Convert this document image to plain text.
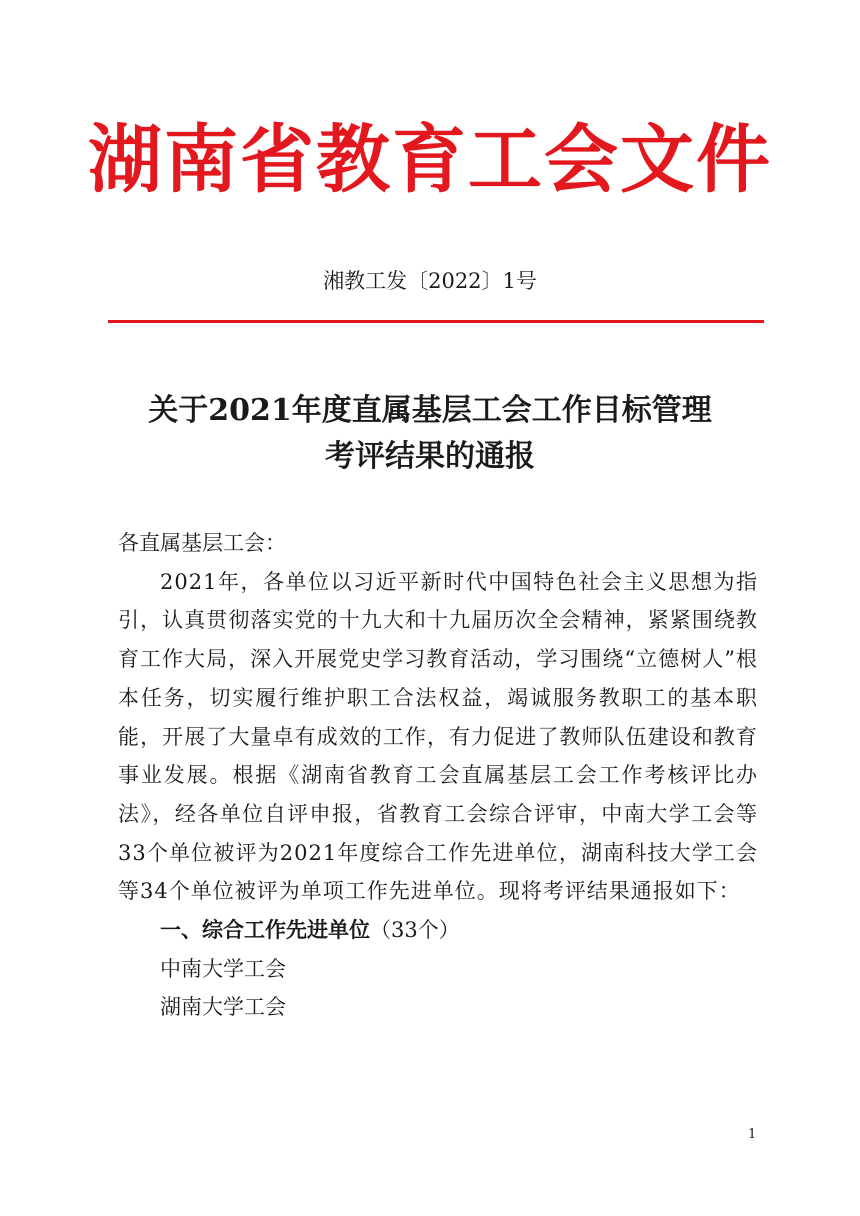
湖南省教育工会文件
湘教工发〔2022〕1号
关于2021年度直属基层工会工作目标管理
考评结果的通报

各直属基层工会：

2021年，各单位以习近平新时代中国特色社会主义思想为指引，认真贯彻落实党的十九大和十九届历次全会精神，紧紧围绕教育工作大局，深入开展党史学习教育活动，学习围绕“立德树人”根本任务，切实履行维护职工合法权益，竭诚服务教职工的基本职能，开展了大量卓有成效的工作，有力促进了教师队伍建设和教育事业发展。根据《湖南省教育工会直属基层工会工作考核评比办法》，经各单位自评申报，省教育工会综合评审，中南大学工会等33个单位被评为2021年度综合工作先进单位，湖南科技大学工会等34个单位被评为单项工作先进单位。现将考评结果通报如下：

一、综合工作先进单位（33个）

中南大学工会

湖南大学工会

1
